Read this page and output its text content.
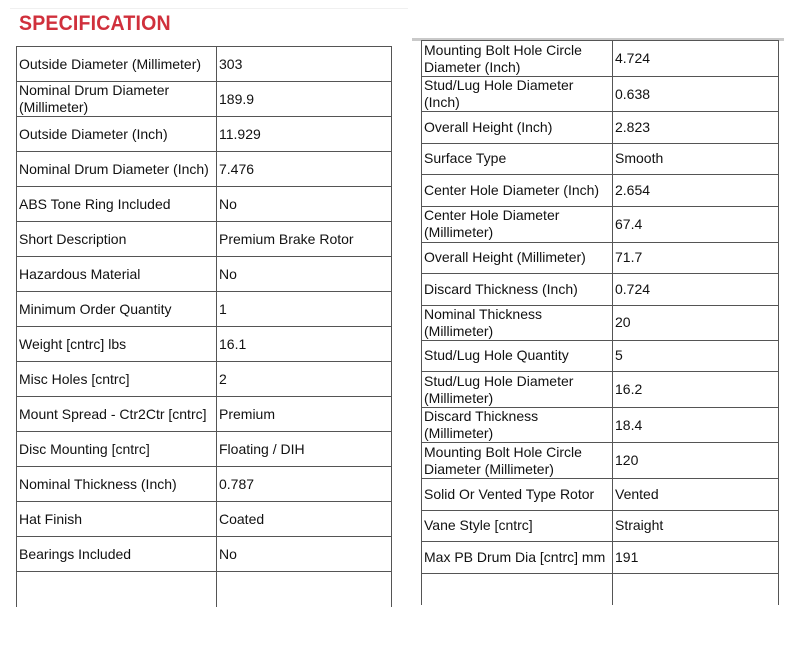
SPECIFICATION
Outside Diameter (Millimeter)	303
Nominal Drum Diameter (Millimeter)	189.9
Outside Diameter (Inch)	11.929
Nominal Drum Diameter (Inch)	7.476
ABS Tone Ring Included	No
Short Description	Premium Brake Rotor
Hazardous Material	No
Minimum Order Quantity	1
Weight [cntrc] lbs	16.1
Misc Holes [cntrc]	2
Mount Spread - Ctr2Ctr [cntrc]	Premium
Disc Mounting [cntrc]	Floating / DIH
Nominal Thickness (Inch)	0.787
Hat Finish	Coated
Bearings Included	No

Mounting Bolt Hole Circle Diameter (Inch)	4.724
Stud/Lug Hole Diameter (Inch)	0.638
Overall Height (Inch)	2.823
Surface Type	Smooth
Center Hole Diameter (Inch)	2.654
Center Hole Diameter (Millimeter)	67.4
Overall Height (Millimeter)	71.7
Discard Thickness (Inch)	0.724
Nominal Thickness (Millimeter)	20
Stud/Lug Hole Quantity	5
Stud/Lug Hole Diameter (Millimeter)	16.2
Discard Thickness (Millimeter)	18.4
Mounting Bolt Hole Circle Diameter (Millimeter)	120
Solid Or Vented Type Rotor	Vented
Vane Style [cntrc]	Straight
Max PB Drum Dia [cntrc] mm	191
